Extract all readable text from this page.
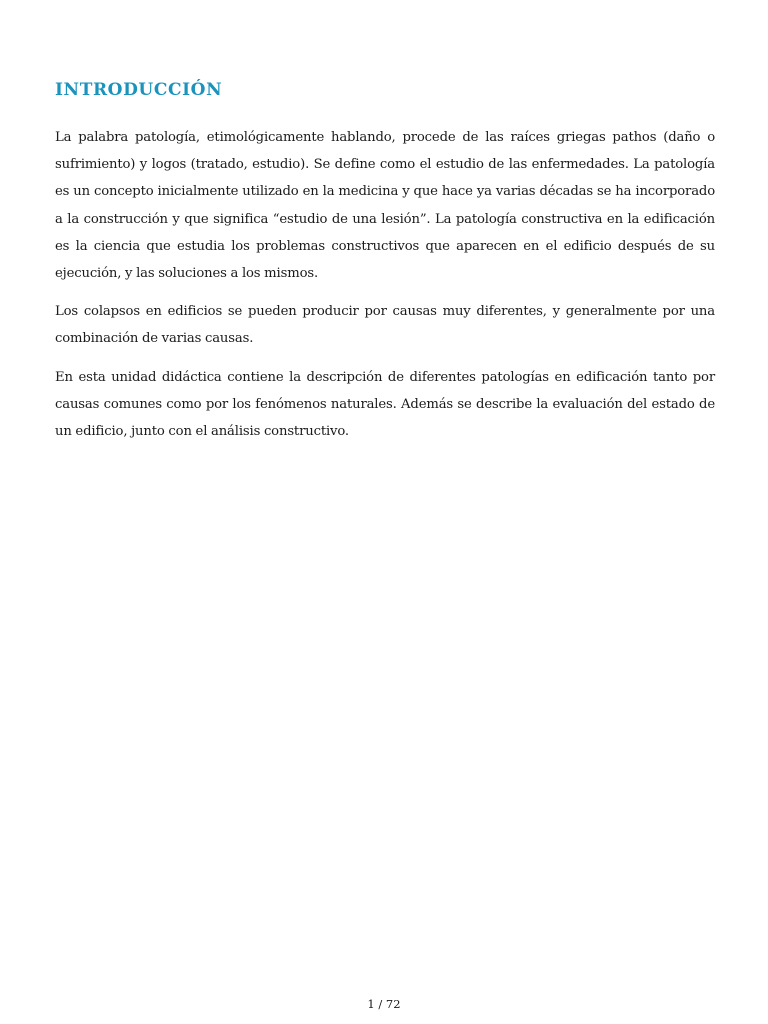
INTRODUCCIÓN

La palabra patología, etimológicamente hablando, procede de las raíces griegas pathos (daño o sufrimiento) y logos (tratado, estudio). Se define como el estudio de las enfermedades. La patología es un concepto inicialmente utilizado en la medicina y que hace ya varias décadas se ha incorporado a la construcción y que significa “estudio de una lesión”. La patología constructiva en la edificación es la ciencia que estudia los problemas constructivos que aparecen en el edificio después de su ejecución, y las soluciones a los mismos.

Los colapsos en edificios se pueden producir por causas muy diferentes, y generalmente por una combinación de varias causas.

En esta unidad didáctica contiene la descripción de diferentes patologías en edificación tanto por causas comunes como por los fenómenos naturales. Además se describe la evaluación del estado de un edificio, junto con el análisis constructivo.

1 / 72
